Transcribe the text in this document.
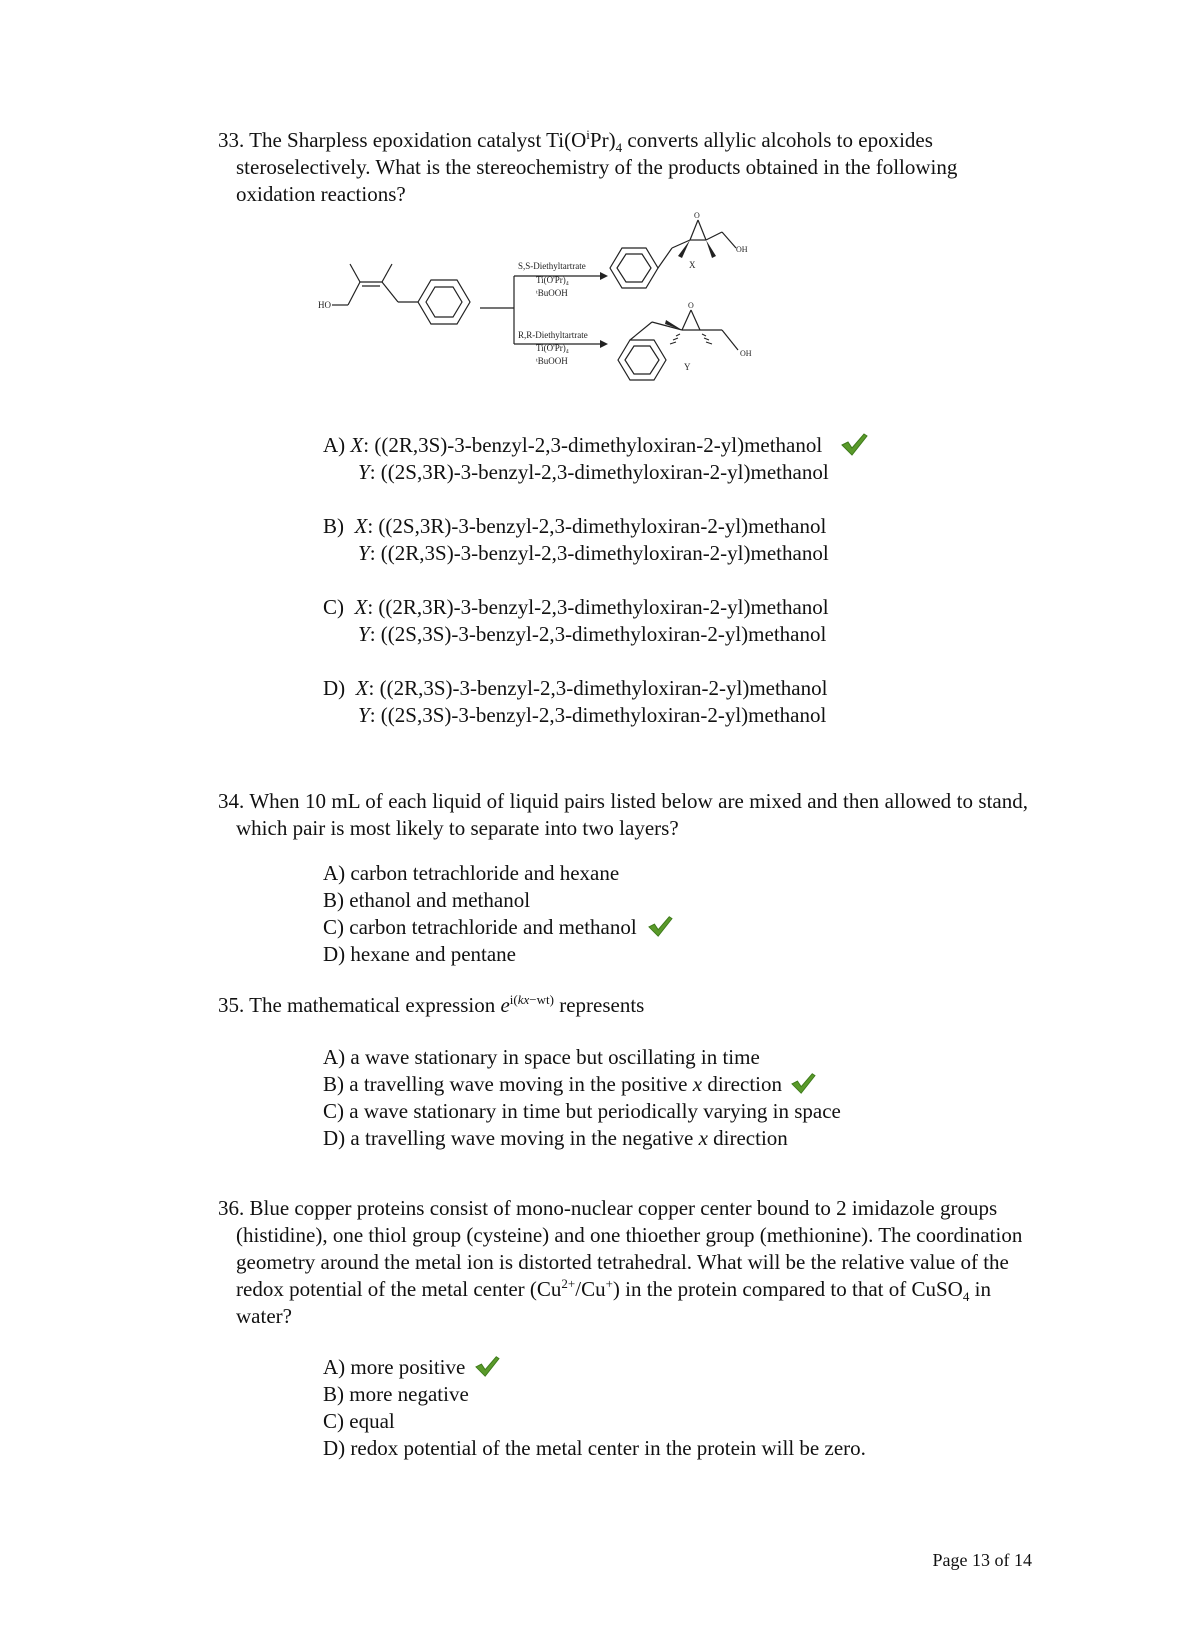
33. The Sharpless epoxidation catalyst $Ti(O^iPr)_4$ converts allylic alcohols to epoxides steroselectively. What is the stereochemistry of the products obtained in the following oxidation reactions?

HO
S,S-Diethyltartrate
Ti(O'Pr)₄
ᵗBuOOH
R,R-Diethyltartrate
Ti(O'Pr)₄
ᵗBuOOH
O
X
OH
O
Y
OH
A) X: ((2R,3S)-3-benzyl-2,3-dimethyloxiran-2-yl)methanol
Y: ((2S,3R)-3-benzyl-2,3-dimethyloxiran-2-yl)methanol
B) X: ((2S,3R)-3-benzyl-2,3-dimethyloxiran-2-yl)methanol
Y: ((2R,3S)-3-benzyl-2,3-dimethyloxiran-2-yl)methanol
C) X: ((2R,3R)-3-benzyl-2,3-dimethyloxiran-2-yl)methanol
Y: ((2S,3S)-3-benzyl-2,3-dimethyloxiran-2-yl)methanol
D) X: ((2R,3S)-3-benzyl-2,3-dimethyloxiran-2-yl)methanol
Y: ((2S,3S)-3-benzyl-2,3-dimethyloxiran-2-yl)methanol

34. When 10 mL of each liquid of liquid pairs listed below are mixed and then allowed to stand, which pair is most likely to separate into two layers?

A) carbon tetrachloride and hexane
B) ethanol and methanol
C) carbon tetrachloride and methanol
D) hexane and pentane

35. The mathematical expression $e^{i(kx-wt)}$ represents

A) a wave stationary in space but oscillating in time
B) a travelling wave moving in the positive x direction
C) a wave stationary in time but periodically varying in space
D) a travelling wave moving in the negative x direction

36. Blue copper proteins consist of mono-nuclear copper center bound to 2 imidazole groups (histidine), one thiol group (cysteine) and one thioether group (methionine). The coordination geometry around the metal ion is distorted tetrahedral. What will be the relative value of the redox potential of the metal center $(Cu^{2+}/Cu^+)$ in the protein compared to that of CuSO$_4$ in water?

A) more positive
B) more negative
C) equal
D) redox potential of the metal center in the protein will be zero.
Page 13 of 14
